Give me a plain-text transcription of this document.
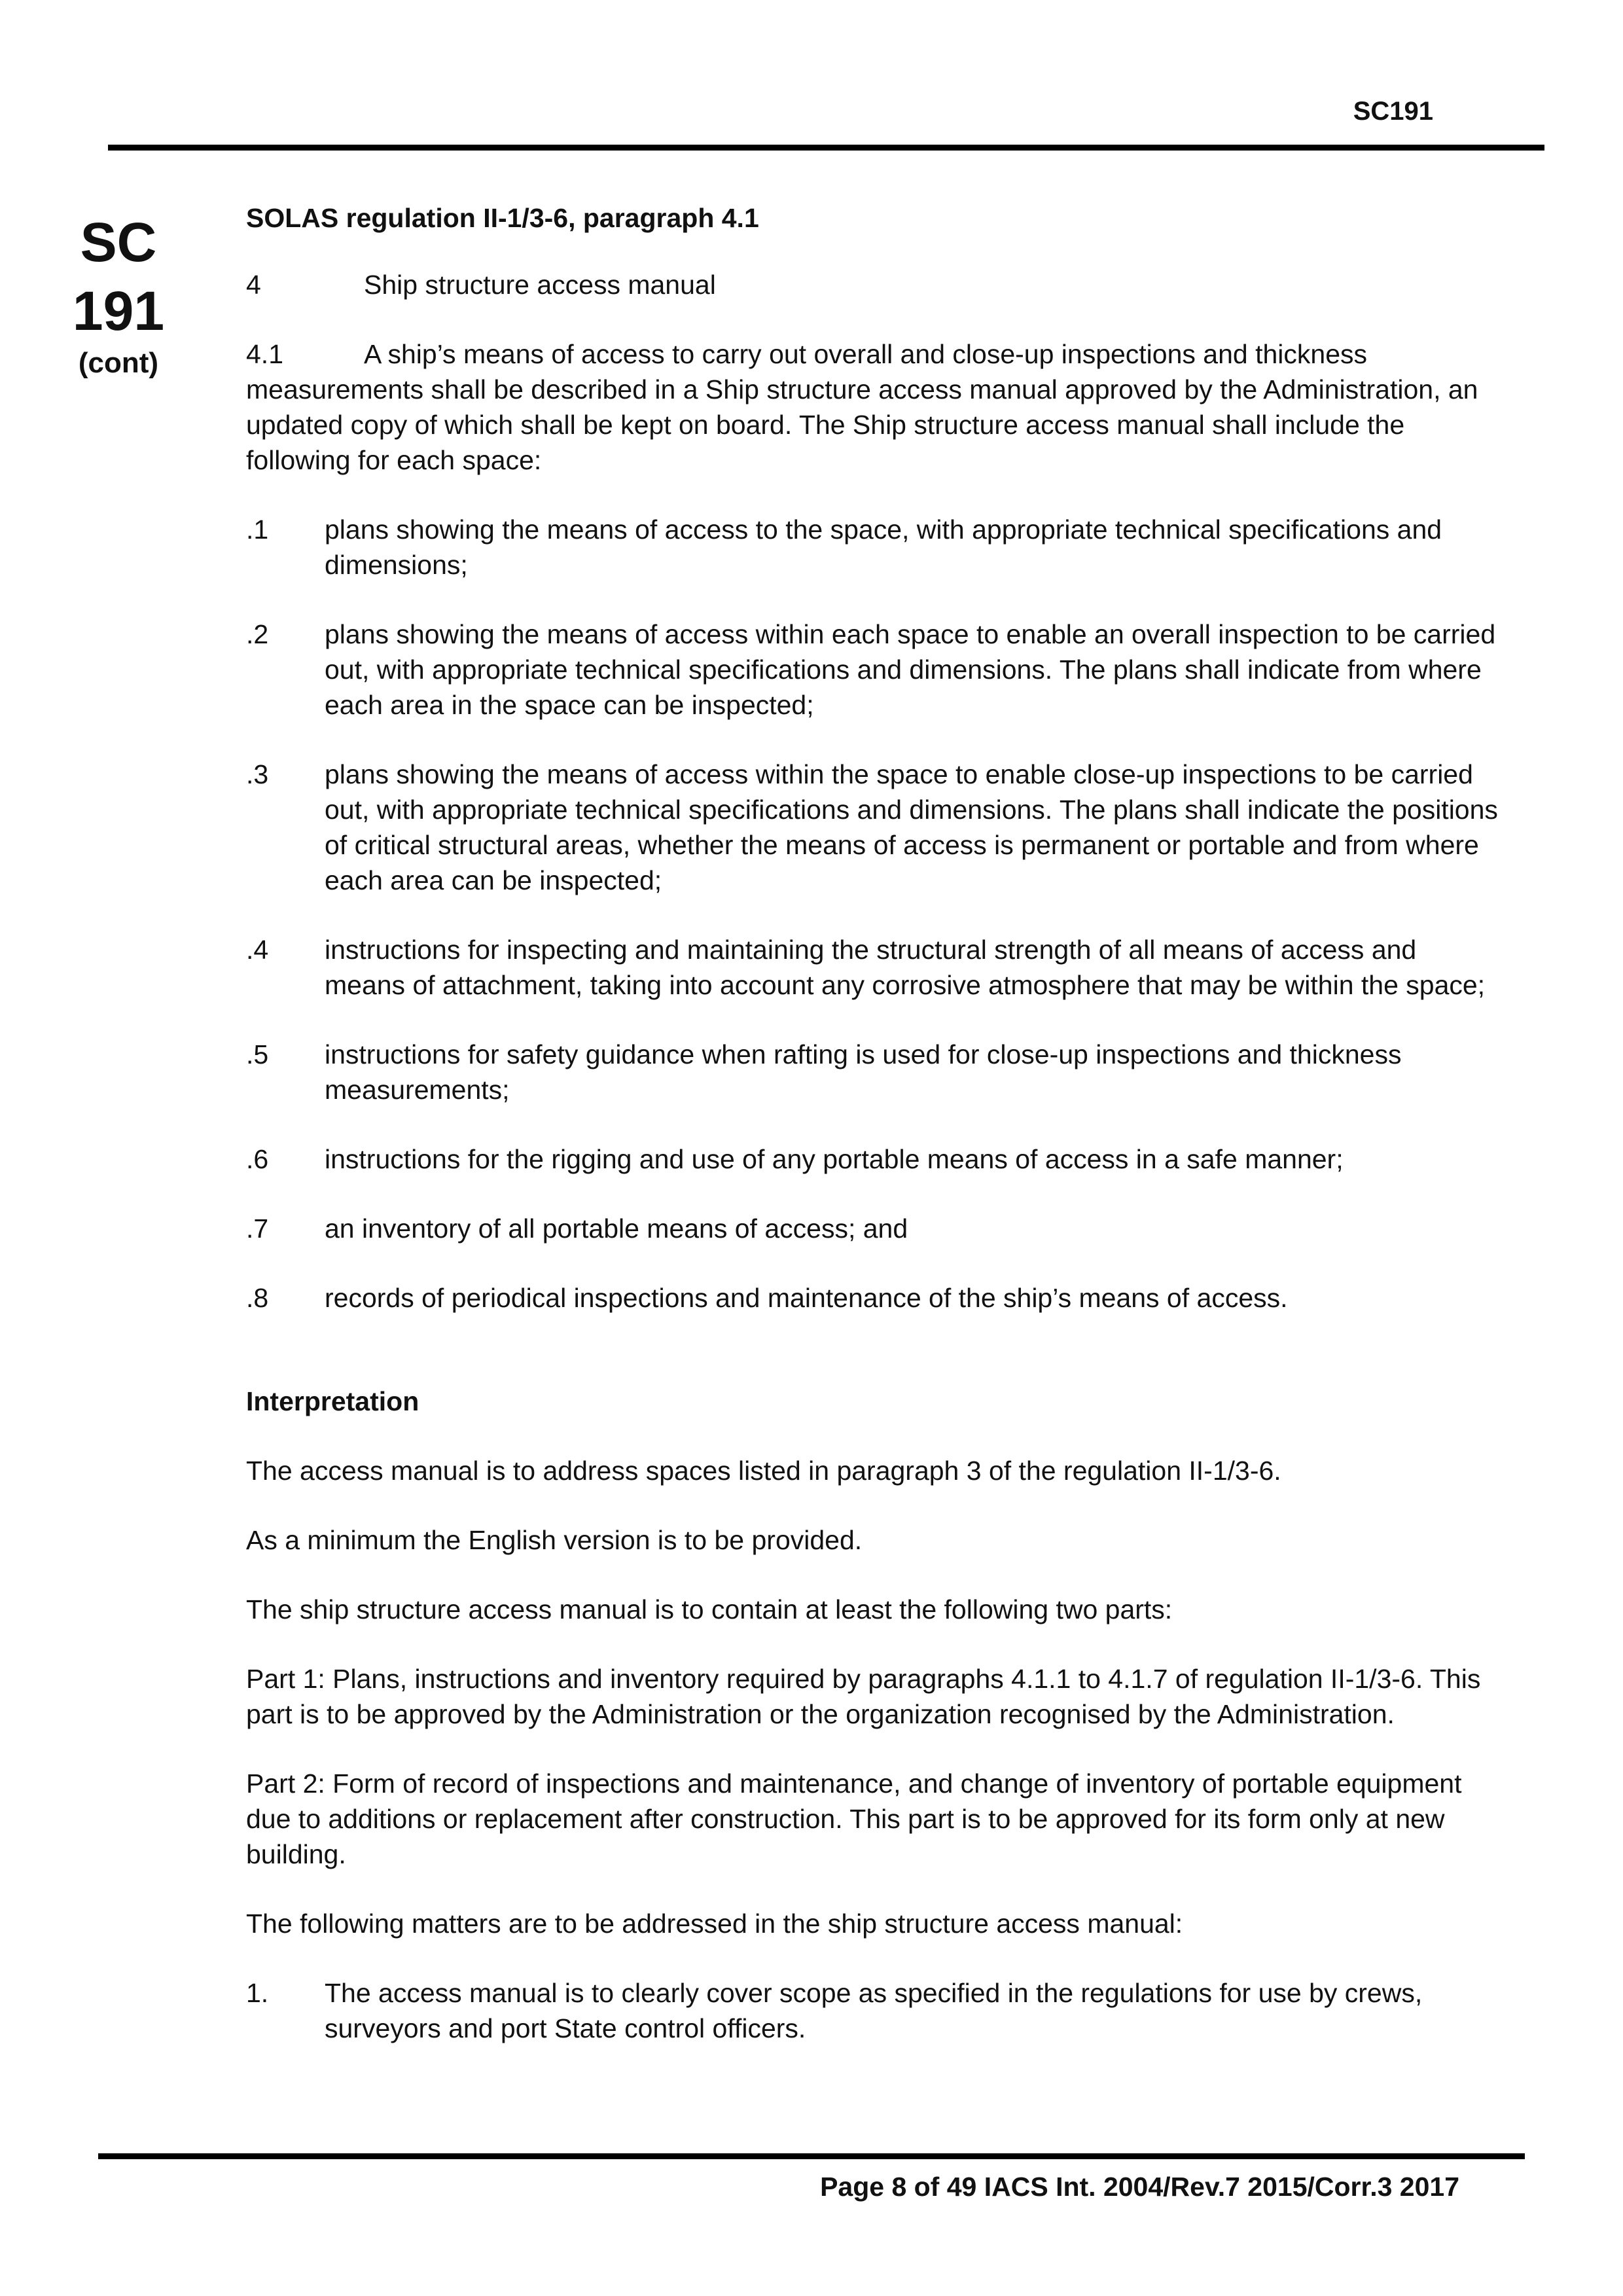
SC191
SC
191
(cont)

SOLAS regulation II-1/3-6, paragraph 4.1

4	Ship structure access manual

4.1	A ship’s means of access to carry out overall and close-up inspections and thickness measurements shall be described in a Ship structure access manual approved by the Administration, an updated copy of which shall be kept on board. The Ship structure access manual shall include the following for each space:

.1	plans showing the means of access to the space, with appropriate technical specifications and dimensions;
.2	plans showing the means of access within each space to enable an overall inspection to be carried out, with appropriate technical specifications and dimensions. The plans shall indicate from where each area in the space can be inspected;
.3	plans showing the means of access within the space to enable close-up inspections to be carried out, with appropriate technical specifications and dimensions. The plans shall indicate the positions of critical structural areas, whether the means of access is permanent or portable and from where each area can be inspected;
.4	instructions for inspecting and maintaining the structural strength of all means of access and means of attachment, taking into account any corrosive atmosphere that may be within the space;
.5	instructions for safety guidance when rafting is used for close-up inspections and thickness measurements;
.6	instructions for the rigging and use of any portable means of access in a safe manner;
.7	an inventory of all portable means of access; and
.8	records of periodical inspections and maintenance of the ship’s means of access.

Interpretation

The access manual is to address spaces listed in paragraph 3 of the regulation II-1/3-6.

As a minimum the English version is to be provided.

The ship structure access manual is to contain at least the following two parts:

Part 1: Plans, instructions and inventory required by paragraphs 4.1.1 to 4.1.7 of regulation II-1/3-6. This part is to be approved by the Administration or the organization recognised by the Administration.

Part 2: Form of record of inspections and maintenance, and change of inventory of portable equipment due to additions or replacement after construction. This part is to be approved for its form only at new building.

The following matters are to be addressed in the ship structure access manual:

1.	The access manual is to clearly cover scope as specified in the regulations for use by crews, surveyors and port State control officers.
Page 8 of 49 IACS Int. 2004/Rev.7 2015/Corr.3 2017
